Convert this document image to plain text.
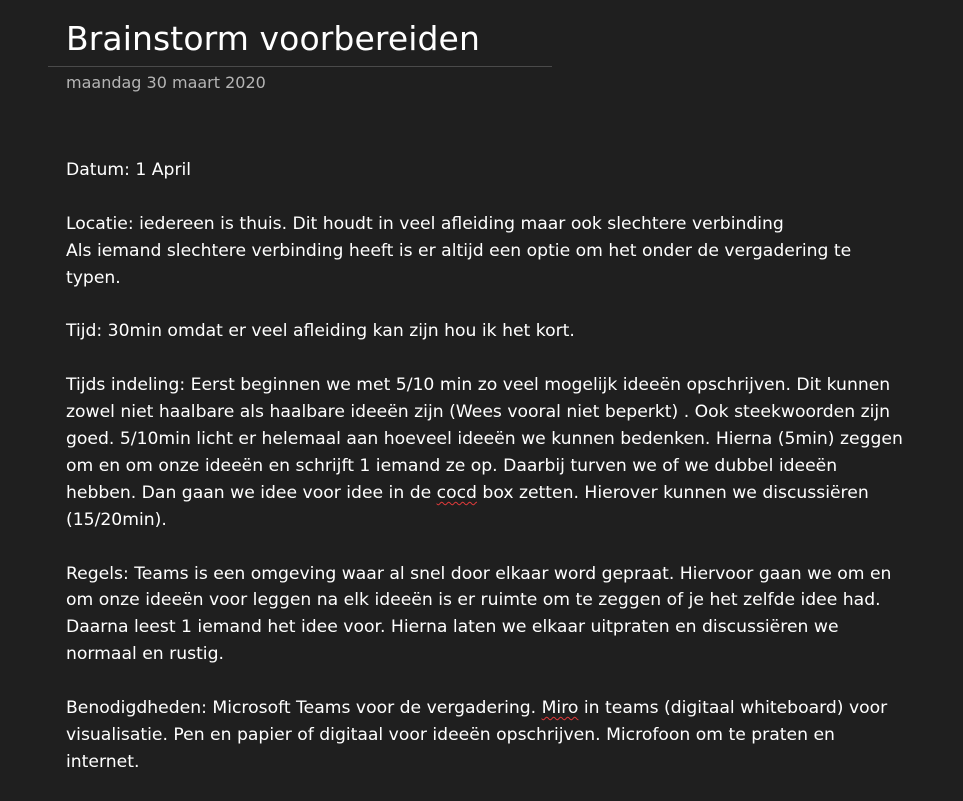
Brainstorm voorbereiden
maandag 30 maart 2020

Datum: 1 April

Locatie: iedereen is thuis. Dit houdt in veel afleiding maar ook slechtere verbinding
Als iemand slechtere verbinding heeft is er altijd een optie om het onder de vergadering te
typen.

Tijd: 30min omdat er veel afleiding kan zijn hou ik het kort.

Tijds indeling: Eerst beginnen we met 5/10 min zo veel mogelijk ideeën opschrijven. Dit kunnen
zowel niet haalbare als haalbare ideeën zijn (Wees vooral niet beperkt) . Ook steekwoorden zijn
goed. 5/10min licht er helemaal aan hoeveel ideeën we kunnen bedenken. Hierna (5min) zeggen
om en om onze ideeën en schrijft 1 iemand ze op. Daarbij turven we of we dubbel ideeën
hebben. Dan gaan we idee voor idee in de cocd box zetten. Hierover kunnen we discussiëren
(15/20min).

Regels: Teams is een omgeving waar al snel door elkaar word gepraat. Hiervoor gaan we om en
om onze ideeën voor leggen na elk ideeën is er ruimte om te zeggen of je het zelfde idee had.
Daarna leest 1 iemand het idee voor. Hierna laten we elkaar uitpraten en discussiëren we
normaal en rustig.

Benodigdheden: Microsoft Teams voor de vergadering. Miro in teams (digitaal whiteboard) voor
visualisatie. Pen en papier of digitaal voor ideeën opschrijven. Microfoon om te praten en
internet.
